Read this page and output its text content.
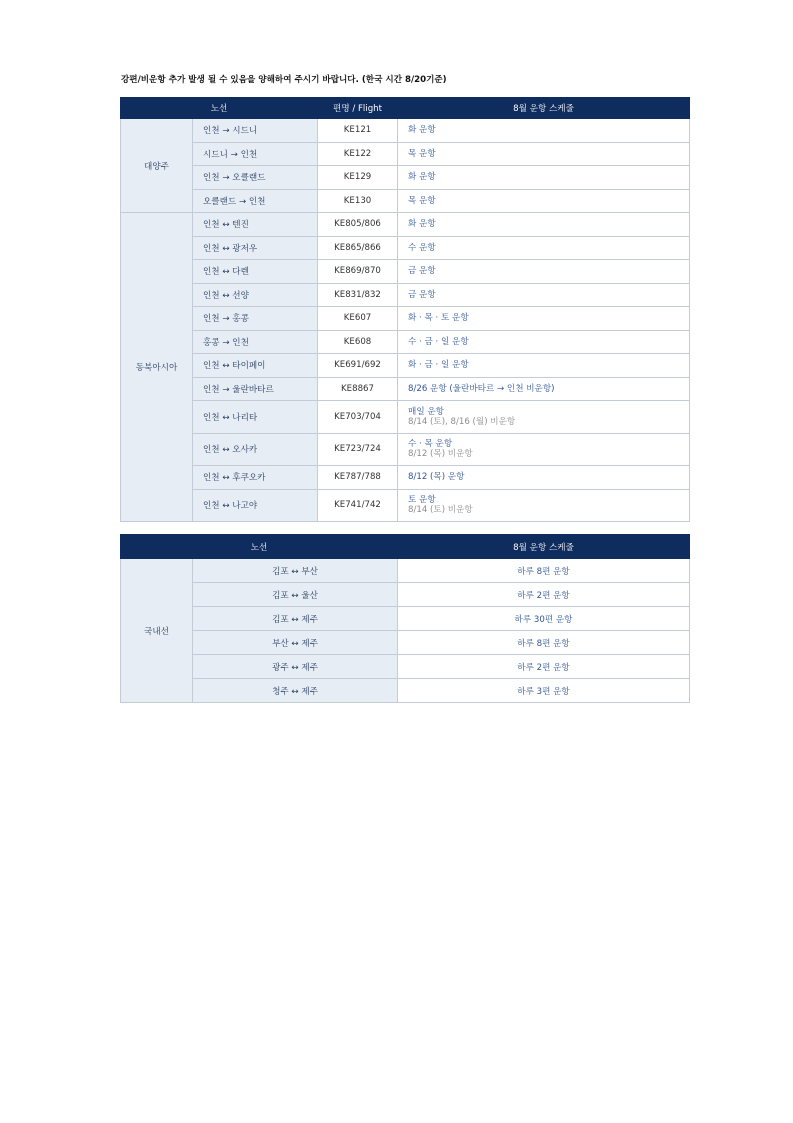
강편/비운항 추가 발생 될 수 있음을 양해하여 주시기 바랍니다. (한국 시간 8/20기준)
노선		편명 / Flight	8월 운항 스케줄
대양주	인천 → 시드니	KE121	화 운항
	시드니 → 인천	KE122	목 운항
	인천 → 오클랜드	KE129	화 운항
	오클랜드 → 인천	KE130	목 운항
동북아시아	인천 ↔ 텐진	KE805/806	화 운항
	인천 ↔ 광저우	KE865/866	수 운항
	인천 ↔ 다렌	KE869/870	금 운항
	인천 ↔ 선양	KE831/832	금 운항
	인천 → 홍콩	KE607	화 · 목 · 토 운항
	홍콩 → 인천	KE608	수 · 금 · 일 운항
	인천 ↔ 타이페이	KE691/692	화 · 금 · 일 운항
	인천 → 울란바타르	KE8867	8/26 운항 (울란바타르 → 인천 비운항)
	인천 ↔ 나리타	KE703/704	매일 운항
8/14 (토), 8/16 (월) 비운항

	인천 ↔ 오사카	KE723/724	수 · 목 운항
8/12 (목) 비운항

	인천 ↔ 후쿠오카	KE787/788	8/12 (목) 운항
	인천 ↔ 나고야	KE741/742	토 운항
8/14 (토) 비운항
노선		8월 운항 스케줄
국내선	김포 ↔ 부산	하루 8편 운항
	김포 ↔ 울산	하루 2편 운항
	김포 ↔ 제주	하루 30편 운항
	부산 ↔ 제주	하루 8편 운항
	광주 ↔ 제주	하루 2편 운항
	청주 ↔ 제주	하루 3편 운항
